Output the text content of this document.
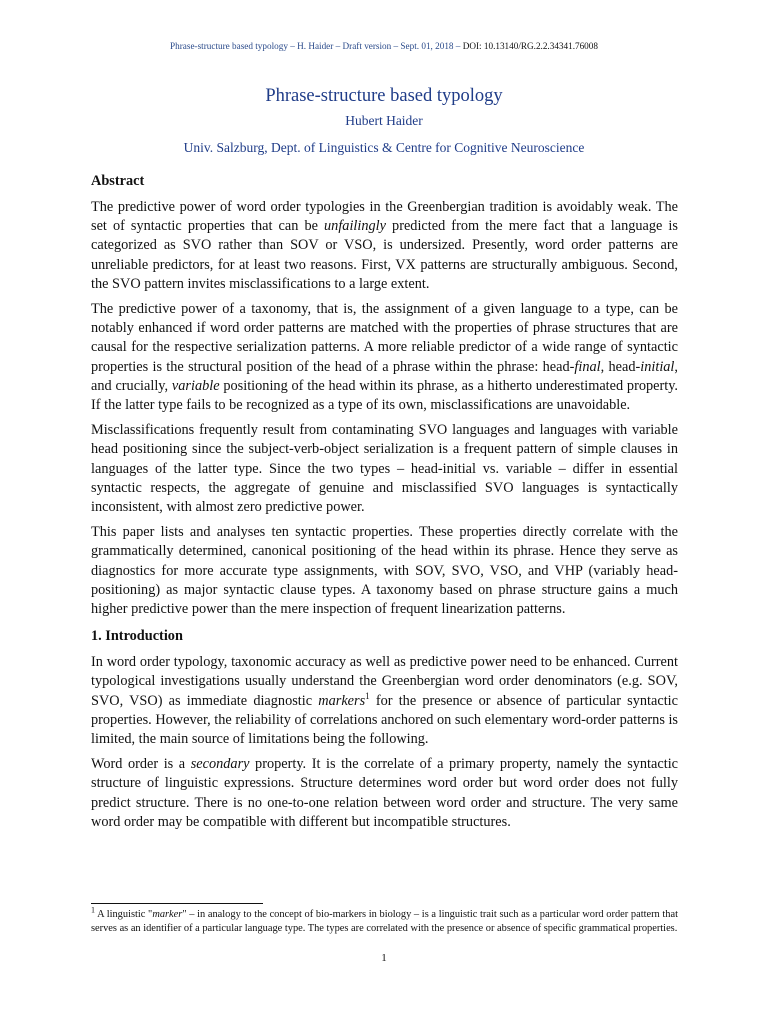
Phrase-structure based typology – H. Haider – Draft version – Sept. 01, 2018 – DOI: 10.13140/RG.2.2.34341.76008
Phrase-structure based typology
Hubert Haider
Univ. Salzburg, Dept. of Linguistics & Centre for Cognitive Neuroscience
Abstract

The predictive power of word order typologies in the Greenbergian tradition is avoidably weak. The set of syntactic properties that can be unfailingly predicted from the mere fact that a language is categorized as SVO rather than SOV or VSO, is undersized. Presently, word order patterns are unreliable predictors, for at least two reasons. First, VX patterns are structurally ambiguous. Second, the SVO pattern invites misclassifications to a large extent.

The predictive power of a taxonomy, that is, the assignment of a given language to a type, can be notably enhanced if word order patterns are matched with the properties of phrase structures that are causal for the respective serialization patterns. A more reliable predictor of a wide range of syntactic properties is the structural position of the head of a phrase within the phrase: head-final, head-initial, and crucially, variable positioning of the head within its phrase, as a hitherto underestimated property. If the latter type fails to be recognized as a type of its own, misclassifications are unavoidable.

Misclassifications frequently result from contaminating SVO languages and languages with variable head positioning since the subject-verb-object serialization is a frequent pattern of simple clauses in languages of the latter type. Since the two types – head-initial vs. variable – differ in essential syntactic respects, the aggregate of genuine and misclassified SVO languages is syntactically inconsistent, with almost zero predictive power.

This paper lists and analyses ten syntactic properties. These properties directly correlate with the grammatically determined, canonical positioning of the head within its phrase. Hence they serve as diagnostics for more accurate type assignments, with SOV, SVO, VSO, and VHP (variably head-positioning) as major syntactic clause types. A taxonomy based on phrase structure gains a much higher predictive power than the mere inspection of frequent linearization patterns.

1. Introduction

In word order typology, taxonomic accuracy as well as predictive power need to be enhanced. Current typological investigations usually understand the Greenbergian word order denominators (e.g. SOV, SVO, VSO) as immediate diagnostic markers$^1$ for the presence or absence of particular syntactic properties. However, the reliability of correlations anchored on such elementary word-order patterns is limited, the main source of limitations being the following.

Word order is a secondary property. It is the correlate of a primary property, namely the syntactic structure of linguistic expressions. Structure determines word order but word order does not fully predict structure. There is no one-to-one relation between word order and structure. The very same word order may be compatible with different but incompatible structures.

$^1$ A linguistic "marker" – in analogy to the concept of bio-markers in biology – is a linguistic trait such as a particular word order pattern that serves as an identifier of a particular language type. The types are correlated with the presence or absence of specific grammatical properties.
1
